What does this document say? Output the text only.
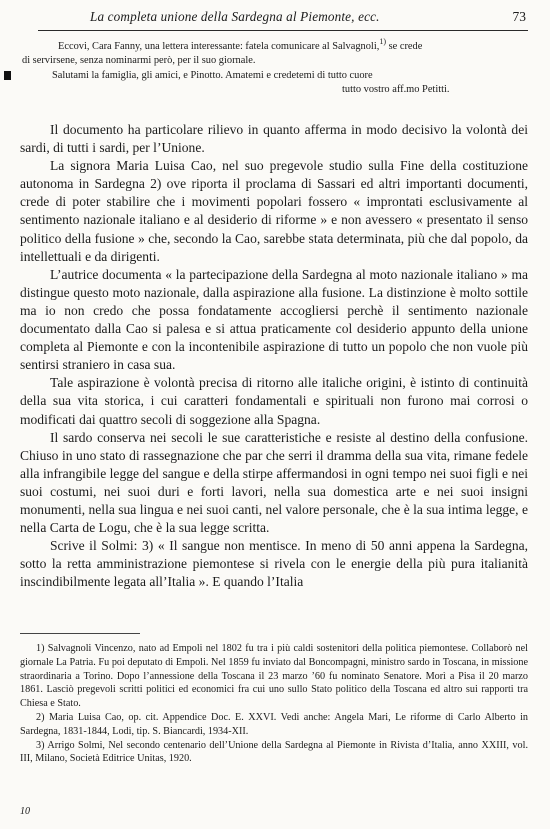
La completa unione della Sardegna al Piemonte, ecc.	73
Eccovi, Cara Fanny, una lettera interessante: fatela comunicare al Salvagnoli,$^{1)}$ se crede
di servirsene, senza nominarmi però, per il suo giornale.
Salutami la famiglia, gli amici, e Pinotto. Amatemi e credetemi di tutto cuore
tutto vostro aff.mo Petitti.

Il documento ha particolare rilievo in quanto afferma in modo decisivo la volontà dei sardi, di tutti i sardi, per l’Unione.

La signora Maria Luisa Cao, nel suo pregevole studio sulla Fine della costituzione autonoma in Sardegna 2) ove riporta il proclama di Sassari ed altri importanti documenti, crede di poter stabilire che i movimenti popolari fossero « improntati esclusivamente al sentimento nazionale italiano e al desiderio di riforme » e non avessero « presentato il senso politico della fusione » che, secondo la Cao, sarebbe stata determinata, più che dal popolo, da intellettuali e da dirigenti.

L’autrice documenta « la partecipazione della Sardegna al moto nazionale italiano » ma distingue questo moto nazionale, dalla aspirazione alla fusione. La distinzione è molto sottile ma io non credo che possa fondatamente accogliersi perchè il sentimento nazionale documentato dalla Cao si palesa e si attua praticamente col desiderio appunto della unione completa al Piemonte e con la incontenibile aspirazione di tutto un popolo che non vuole più sentirsi straniero in casa sua.

Tale aspirazione è volontà precisa di ritorno alle italiche origini, è istinto di continuità della sua vita storica, i cui caratteri fondamentali e spirituali non furono mai corrosi o modificati dai quattro secoli di soggezione alla Spagna.

Il sardo conserva nei secoli le sue caratteristiche e resiste al destino della confusione. Chiuso in uno stato di rassegnazione che par che serri il dramma della sua vita, rimane fedele alla infrangibile legge del sangue e della stirpe affermandosi in ogni tempo nei suoi figli e nei suoi costumi, nei suoi duri e forti lavori, nella sua domestica arte e nei suoi insigni monumenti, nella sua lingua e nei suoi canti, nel valore personale, che è la sua intima legge, e nella Carta de Logu, che è la sua legge scritta.

Scrive il Solmi: 3) « Il sangue non mentisce. In meno di 50 anni appena la Sardegna, sotto la retta amministrazione piemontese si rivela con le energie della più pura italianità inscindibilmente legata all’Italia ». E quando l’Italia

1) Salvagnoli Vincenzo, nato ad Empoli nel 1802 fu tra i più caldi sostenitori della politica piemontese. Collaborò nel giornale La Patria. Fu poi deputato di Empoli. Nel 1859 fu inviato dal Boncompagni, ministro sardo in Toscana, in missione straordinaria a Torino. Dopo l’annessione della Toscana il 23 marzo ’60 fu nominato Senatore. Morì a Pisa il 20 marzo 1861. Lasciò pregevoli scritti politici ed economici fra cui uno sullo Stato politico della Toscana ed altro sui rapporti tra Chiesa e Stato.

2) Maria Luisa Cao, op. cit. Appendice Doc. E. XXVI. Vedi anche: Angela Mari, Le riforme di Carlo Alberto in Sardegna, 1831-1844, Lodi, tip. S. Biancardi, 1934-XII.

3) Arrigo Solmi, Nel secondo centenario dell’Unione della Sardegna al Piemonte in Rivista d’Italia, anno XXIII, vol. III, Milano, Società Editrice Unitas, 1920.

10
